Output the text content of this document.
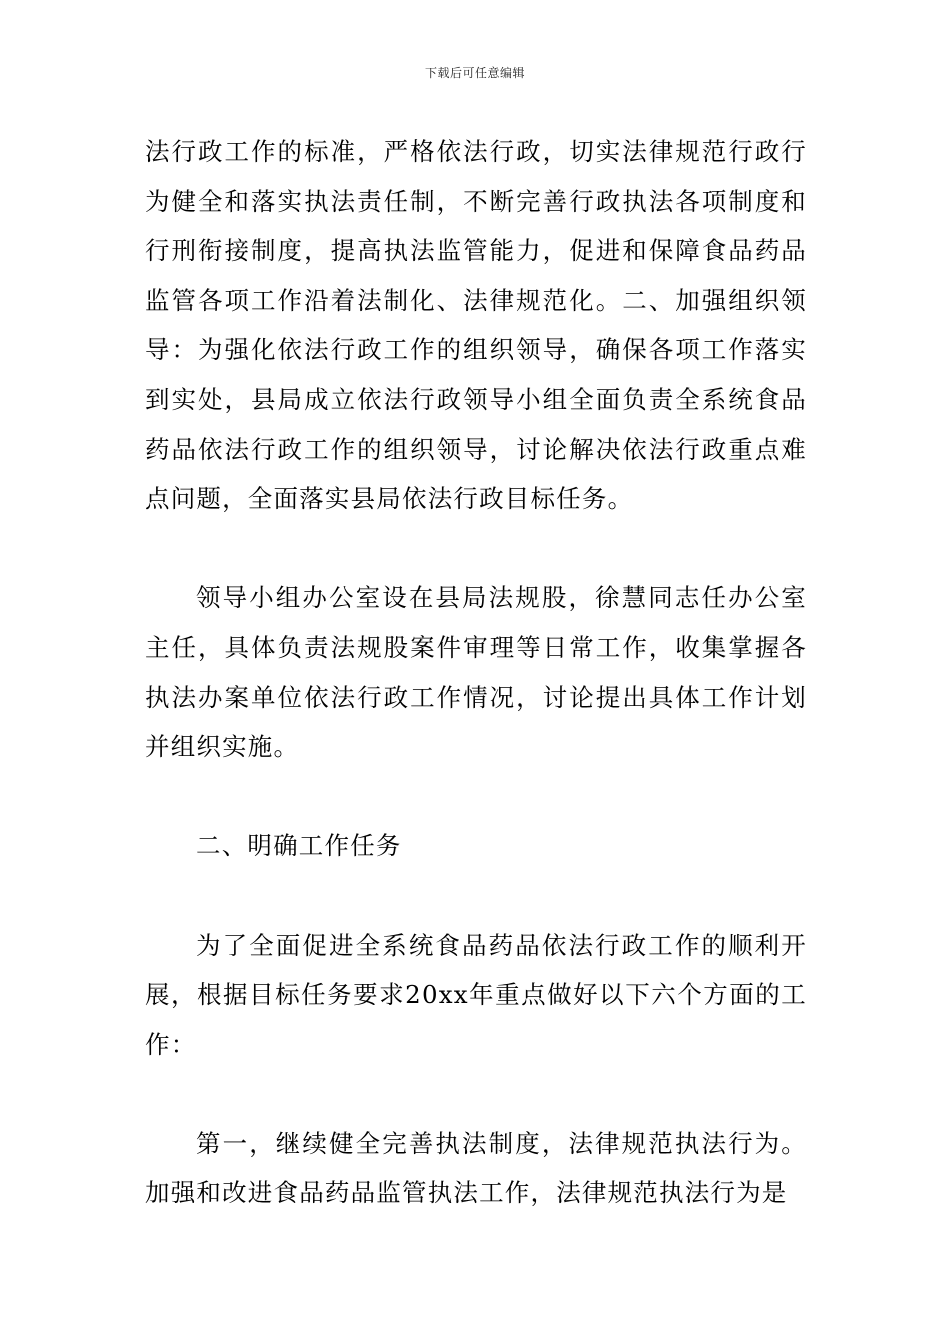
下载后可任意编辑

法行政工作的标准，严格依法行政，切实法律规范行政行为健全和落实执法责任制，不断完善行政执法各项制度和行刑衔接制度，提高执法监管能力，促进和保障食品药品监管各项工作沿着法制化、法律规范化。二、加强组织领导：为强化依法行政工作的组织领导，确保各项工作落实到实处，县局成立依法行政领导小组全面负责全系统食品药品依法行政工作的组织领导，讨论解决依法行政重点难点问题，全面落实县局依法行政目标任务。

领导小组办公室设在县局法规股，徐慧同志任办公室主任，具体负责法规股案件审理等日常工作，收集掌握各执法办案单位依法行政工作情况，讨论提出具体工作计划并组织实施。

二、明确工作任务

为了全面促进全系统食品药品依法行政工作的顺利开展，根据目标任务要求20xx年重点做好以下六个方面的工作：

第一，继续健全完善执法制度，法律规范执法行为。加强和改进食品药品监管执法工作，法律规范执法行为是
